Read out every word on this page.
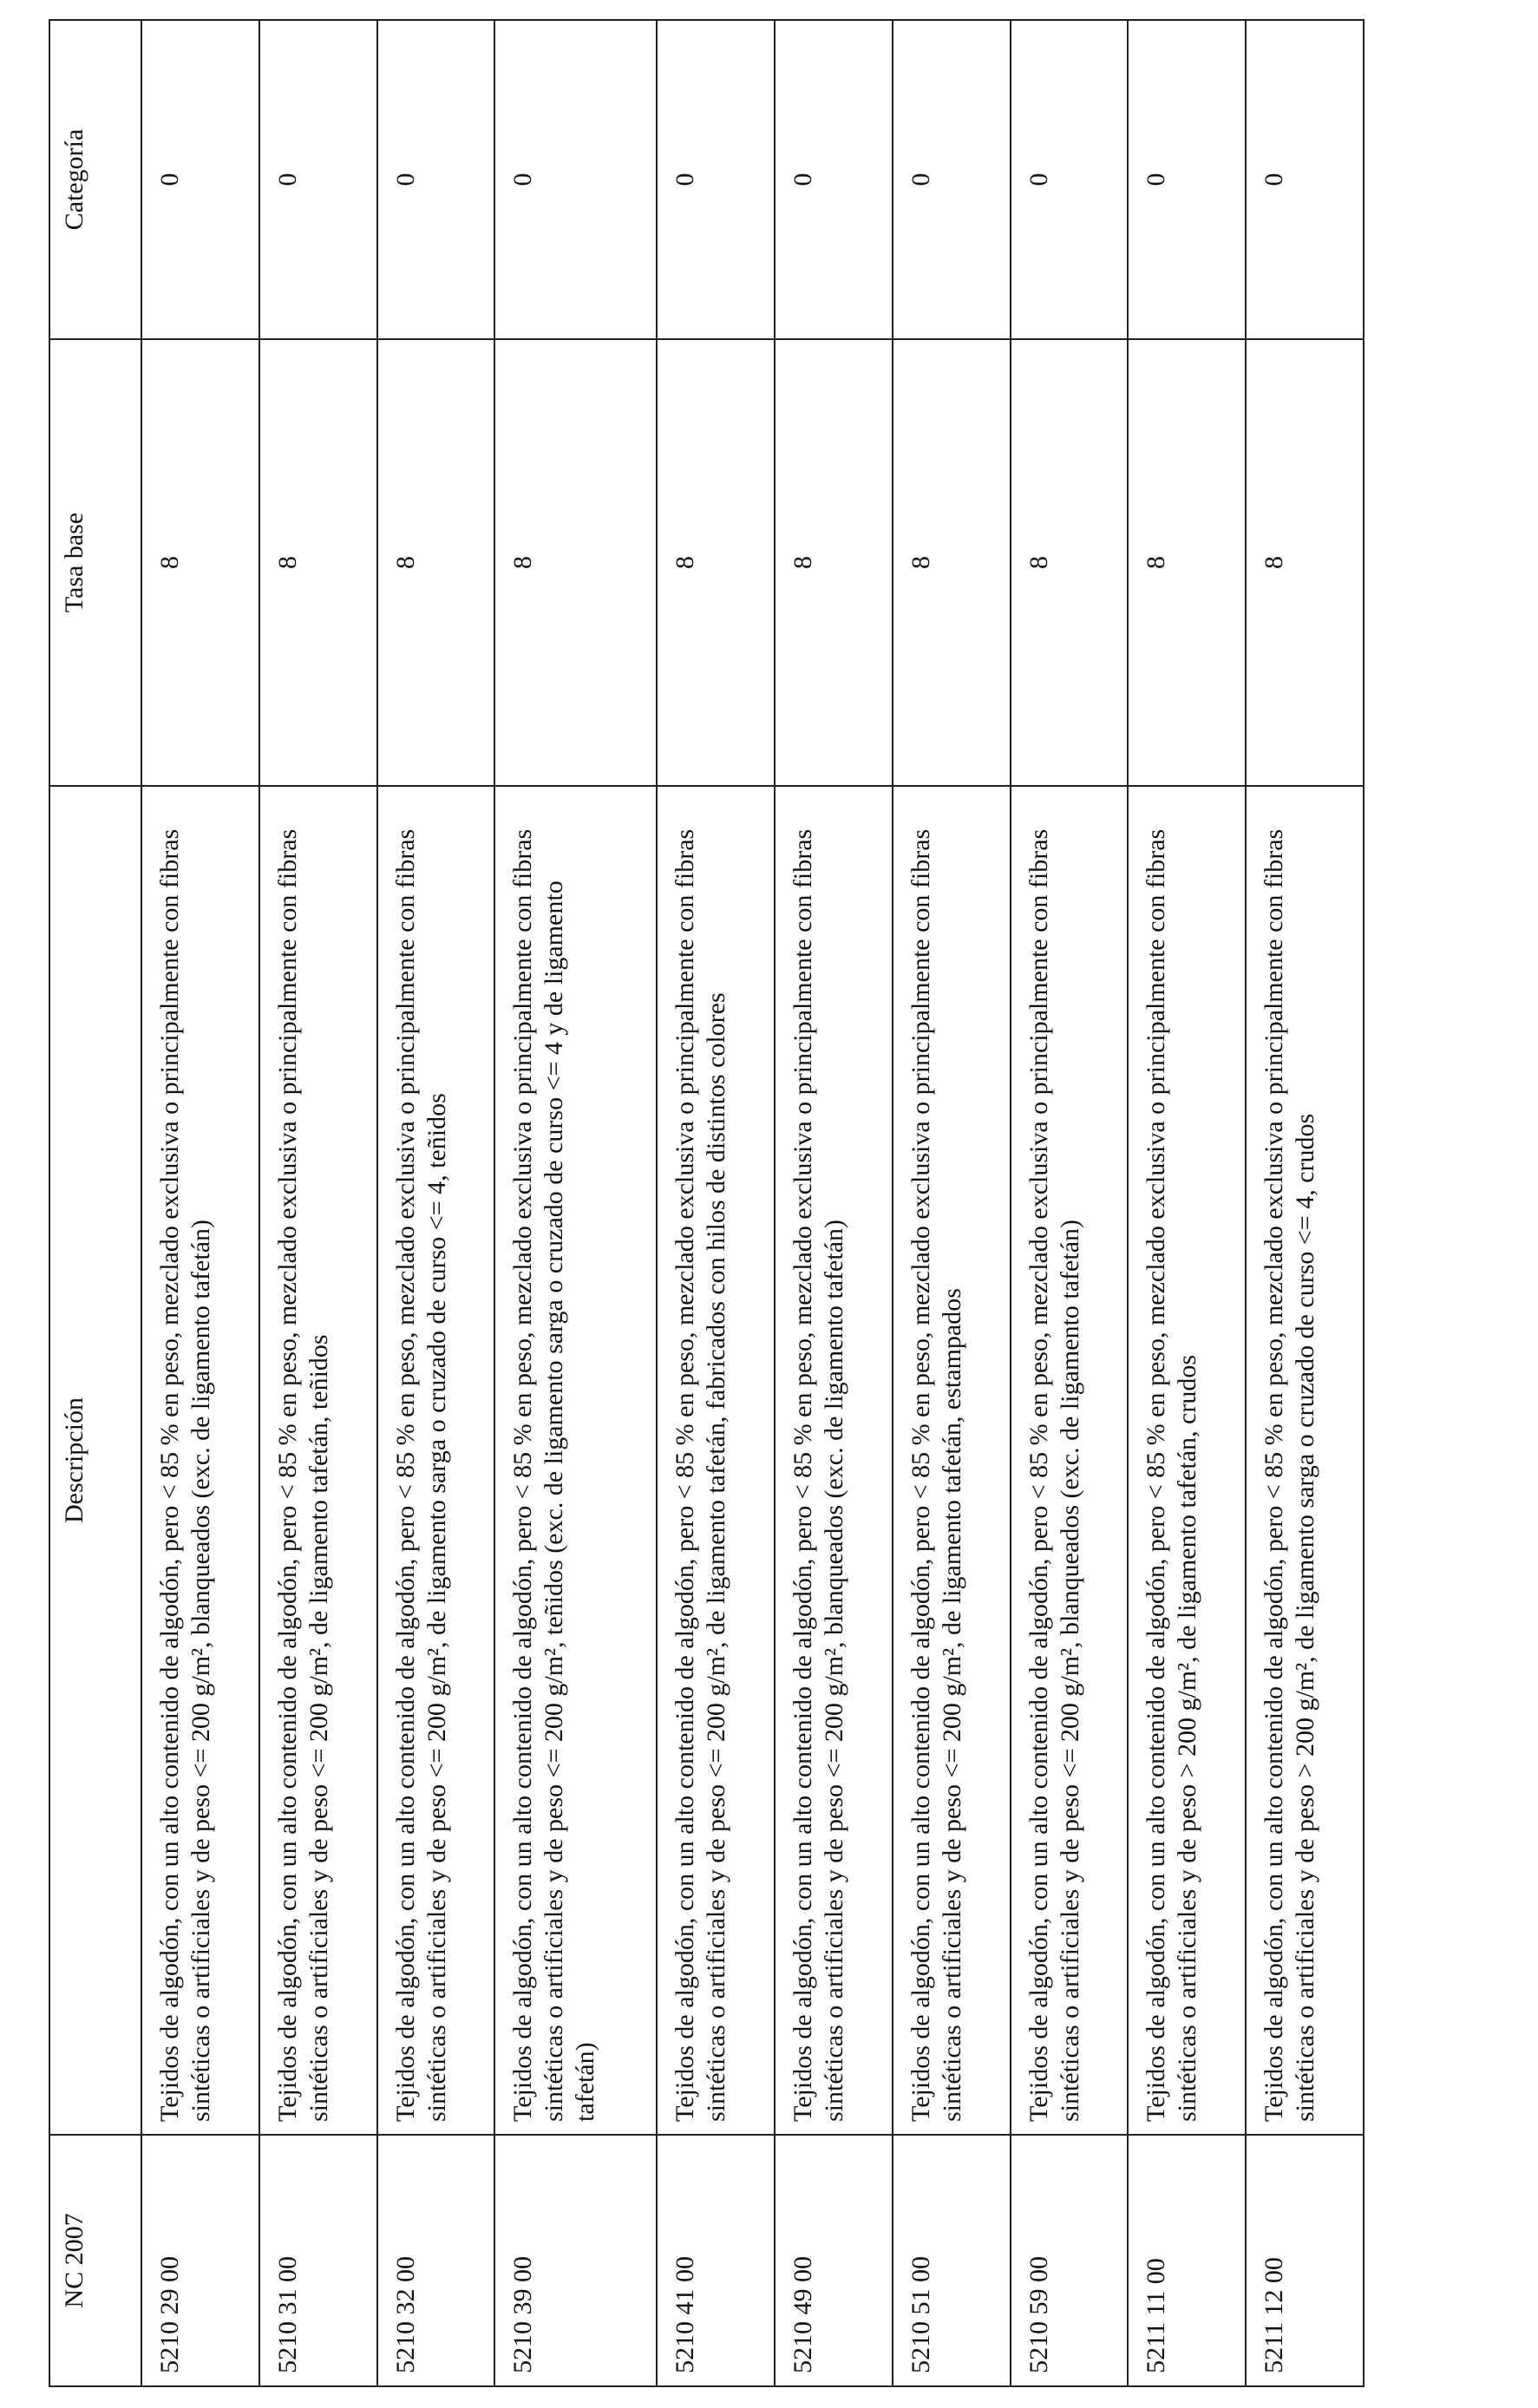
NC 2007	Descripción	Tasa base	Categoría
5210 29 00	Tejidos de algodón, con un alto contenido de algodón, pero < 85 % en peso, mezclado exclusiva o principalmente con fibras sintéticas o artificiales y de peso <= 200 g/m², blanqueados (exc. de ligamento tafetán)	8	0
5210 31 00	Tejidos de algodón, con un alto contenido de algodón, pero < 85 % en peso, mezclado exclusiva o principalmente con fibras sintéticas o artificiales y de peso <= 200 g/m², de ligamento tafetán, teñidos	8	0
5210 32 00	Tejidos de algodón, con un alto contenido de algodón, pero < 85 % en peso, mezclado exclusiva o principalmente con fibras sintéticas o artificiales y de peso <= 200 g/m², de ligamento sarga o cruzado de curso <= 4, teñidos	8	0
5210 39 00	Tejidos de algodón, con un alto contenido de algodón, pero < 85 % en peso, mezclado exclusiva o principalmente con fibras sintéticas o artificiales y de peso <= 200 g/m², teñidos (exc. de ligamento sarga o cruzado de curso <= 4 y de ligamento tafetán)	8	0
5210 41 00	Tejidos de algodón, con un alto contenido de algodón, pero < 85 % en peso, mezclado exclusiva o principalmente con fibras sintéticas o artificiales y de peso <= 200 g/m², de ligamento tafetán, fabricados con hilos de distintos colores	8	0
5210 49 00	Tejidos de algodón, con un alto contenido de algodón, pero < 85 % en peso, mezclado exclusiva o principalmente con fibras sintéticas o artificiales y de peso <= 200 g/m², blanqueados (exc. de ligamento tafetán)	8	0
5210 51 00	Tejidos de algodón, con un alto contenido de algodón, pero < 85 % en peso, mezclado exclusiva o principalmente con fibras sintéticas o artificiales y de peso <= 200 g/m², de ligamento tafetán, estampados	8	0
5210 59 00	Tejidos de algodón, con un alto contenido de algodón, pero < 85 % en peso, mezclado exclusiva o principalmente con fibras sintéticas o artificiales y de peso <= 200 g/m², blanqueados (exc. de ligamento tafetán)	8	0
5211 11 00	Tejidos de algodón, con un alto contenido de algodón, pero < 85 % en peso, mezclado exclusiva o principalmente con fibras sintéticas o artificiales y de peso > 200 g/m², de ligamento tafetán, crudos	8	0
5211 12 00	Tejidos de algodón, con un alto contenido de algodón, pero < 85 % en peso, mezclado exclusiva o principalmente con fibras sintéticas o artificiales y de peso > 200 g/m², de ligamento sarga o cruzado de curso <= 4, crudos	8	0
